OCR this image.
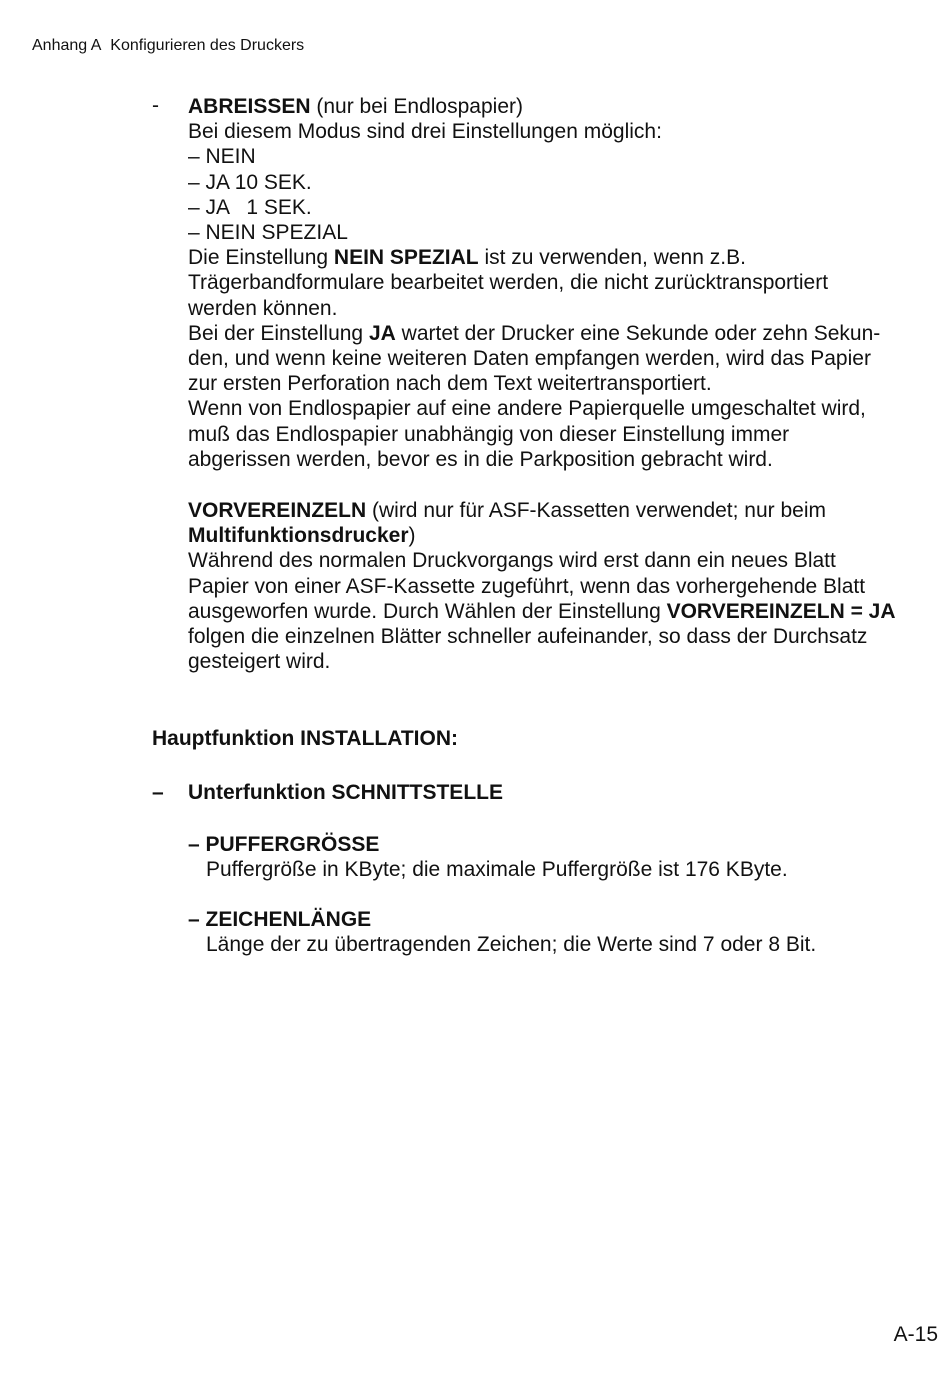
Anhang A Konfigurieren des Druckers
- ABREISSEN (nur bei Endlospapier)
Bei diesem Modus sind drei Einstellungen möglich:
– NEIN
– JA 10 SEK.
– JA   1 SEK.
– NEIN SPEZIAL
Die Einstellung NEIN SPEZIAL ist zu verwenden, wenn z.B.
Trägerbandformulare bearbeitet werden, die nicht zurücktransportiert
werden können.
Bei der Einstellung JA wartet der Drucker eine Sekunde oder zehn Sekun-
den, und wenn keine weiteren Daten empfangen werden, wird das Papier
zur ersten Perforation nach dem Text weitertransportiert.
Wenn von Endlospapier auf eine andere Papierquelle umgeschaltet wird,
muß das Endlospapier unabhängig von dieser Einstellung immer
abgerissen werden, bevor es in die Parkposition gebracht wird.
VORVEREINZELN (wird nur für ASF-Kassetten verwendet; nur beim
Multifunktionsdrucker)
Während des normalen Druckvorgangs wird erst dann ein neues Blatt
Papier von einer ASF-Kassette zugeführt, wenn das vorhergehende Blatt
ausgeworfen wurde. Durch Wählen der Einstellung VORVEREINZELN = JA
folgen die einzelnen Blätter schneller aufeinander, so dass der Durchsatz
gesteigert wird.
Hauptfunktion INSTALLATION:
– Unterfunktion SCHNITTSTELLE
– PUFFERGRÖSSE
Puffergröße in KByte; die maximale Puffergröße ist 176 KByte.
– ZEICHENLÄNGE
Länge der zu übertragenden Zeichen; die Werte sind 7 oder 8 Bit.
A-15
